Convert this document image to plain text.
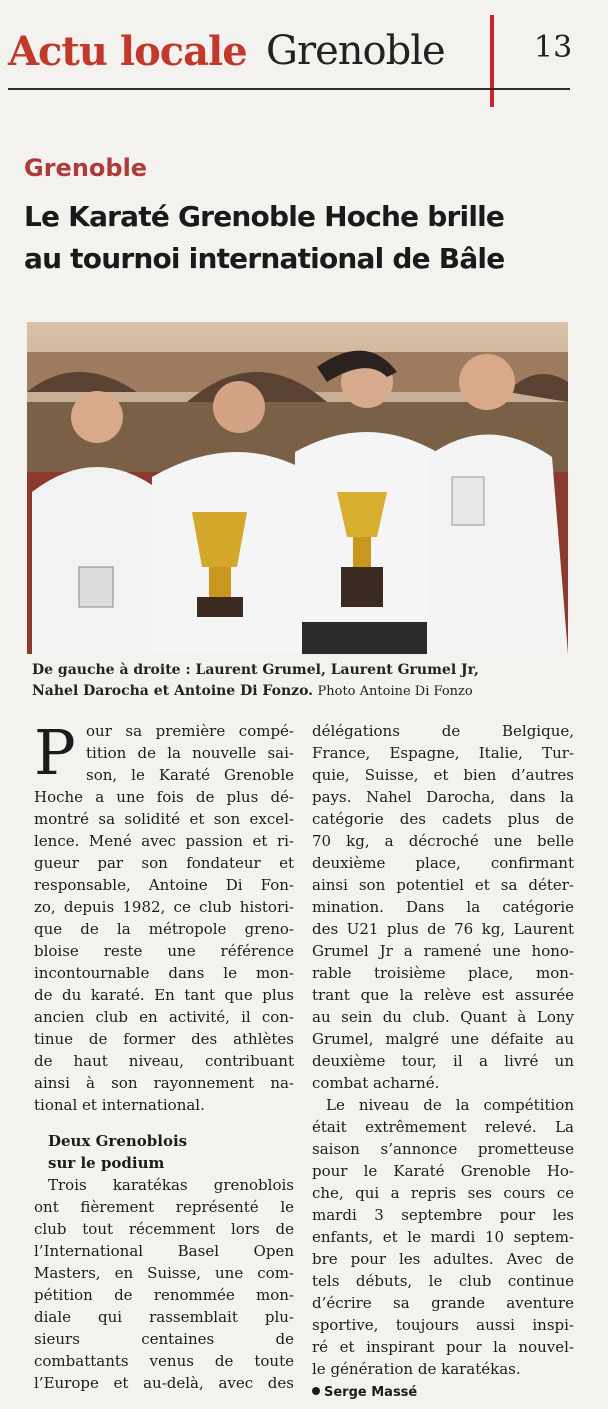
Actu locale Grenoble	13
Grenoble
Le Karaté Grenoble Hoche brille
au tournoi international de Bâle
De gauche à droite : Laurent Grumel, Laurent Grumel Jr,
Nahel Darocha et Antoine Di Fonzo. Photo Antoine Di Fonzo
P our sa première compé-
tition de la nouvelle sai-
son, le Karaté Grenoble
Hoche a une fois de plus dé-
montré sa solidité et son excel-
lence. Mené avec passion et ri-
gueur par son fondateur et
responsable, Antoine Di Fon-
zo, depuis 1982, ce club histori-
que de la métropole greno-
bloise reste une référence
incontournable dans le mon-
de du karaté. En tant que plus
ancien club en activité, il con-
tinue de former des athlètes
de haut niveau, contribuant
ainsi à son rayonnement na-
tional et international.
Deux Grenoblois
sur le podium
Trois karatékas grenoblois
ont fièrement représenté le
club tout récemment lors de
l’International Basel Open
Masters, en Suisse, une com-
pétition de renommée mon-
diale qui rassemblait plu-
sieurs centaines de
combattants venus de toute
l’Europe et au-delà, avec des
délégations de Belgique,
France, Espagne, Italie, Tur-
quie, Suisse, et bien d’autres
pays. Nahel Darocha, dans la
catégorie des cadets plus de
70 kg, a décroché une belle
deuxième place, confirmant
ainsi son potentiel et sa déter-
mination. Dans la catégorie
des U21 plus de 76 kg, Laurent
Grumel Jr a ramené une hono-
rable troisième place, mon-
trant que la relève est assurée
au sein du club. Quant à Lony
Grumel, malgré une défaite au
deuxième tour, il a livré un
combat acharné.
Le niveau de la compétition
était extrêmement relevé. La
saison s’annonce prometteuse
pour le Karaté Grenoble Ho-
che, qui a repris ses cours ce
mardi 3 septembre pour les
enfants, et le mardi 10 septem-
bre pour les adultes. Avec de
tels débuts, le club continue
d’écrire sa grande aventure
sportive, toujours aussi inspi-
ré et inspirant pour la nouvel-
le génération de karatékas.
Serge Massé
